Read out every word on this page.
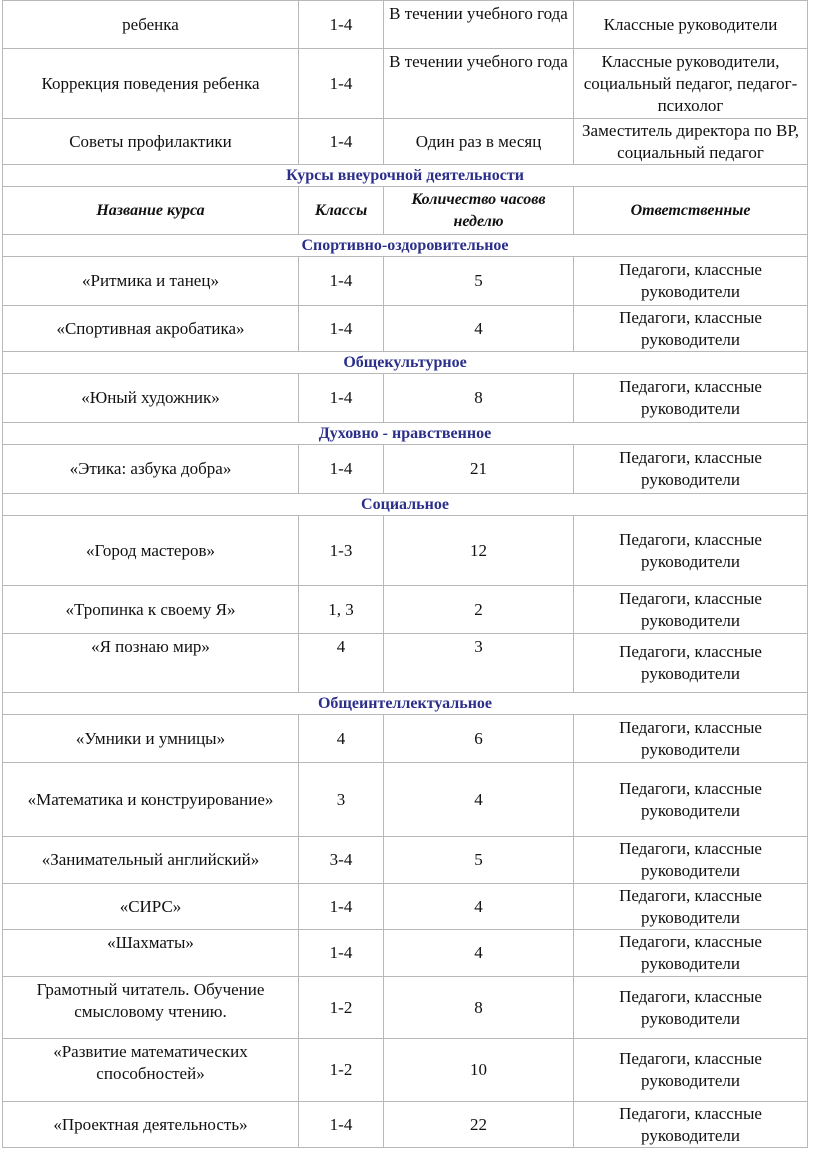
ребенка	1-4	В течении учебного года	Классные руководители
Коррекция поведения ребенка	1-4	В течении учебного года	Классные руководители, социальный педагог, педагог-психолог
Советы профилактики	1-4	Один раз в месяц	Заместитель директора по ВР, социальный педагог
Курсы внеурочной деятельности			
Название курса	Классы	Количество часовв неделю	Ответственные
Спортивно-оздоровительное			
«Ритмика и танец»	1-4	5	Педагоги, классные руководители
«Спортивная акробатика»	1-4	4	Педагоги, классные руководители
Общекультурное			
«Юный художник»	1-4	8	Педагоги, классные руководители
Духовно - нравственное			
«Этика: азбука добра»	1-4	21	Педагоги, классные руководители
Социальное			
«Город мастеров»	1-3	12	Педагоги, классные руководители
«Тропинка к своему Я»	1, 3	2	Педагоги, классные руководители
«Я познаю мир»	4	3	Педагоги, классные руководители
Общеинтеллектуальное			
«Умники и умницы»	4	6	Педагоги, классные руководители
«Математика и конструирование»	3	4	Педагоги, классные руководители
«Занимательный английский»	3-4	5	Педагоги, классные руководители
«СИРС»	1-4	4	Педагоги, классные руководители
«Шахматы»	1-4	4	Педагоги, классные руководители
Грамотный читатель. Обучение смысловому чтению.	1-2	8	Педагоги, классные руководители
«Развитие математических способностей»	1-2	10	Педагоги, классные руководители
«Проектная деятельность»	1-4	22	Педагоги, классные руководители
